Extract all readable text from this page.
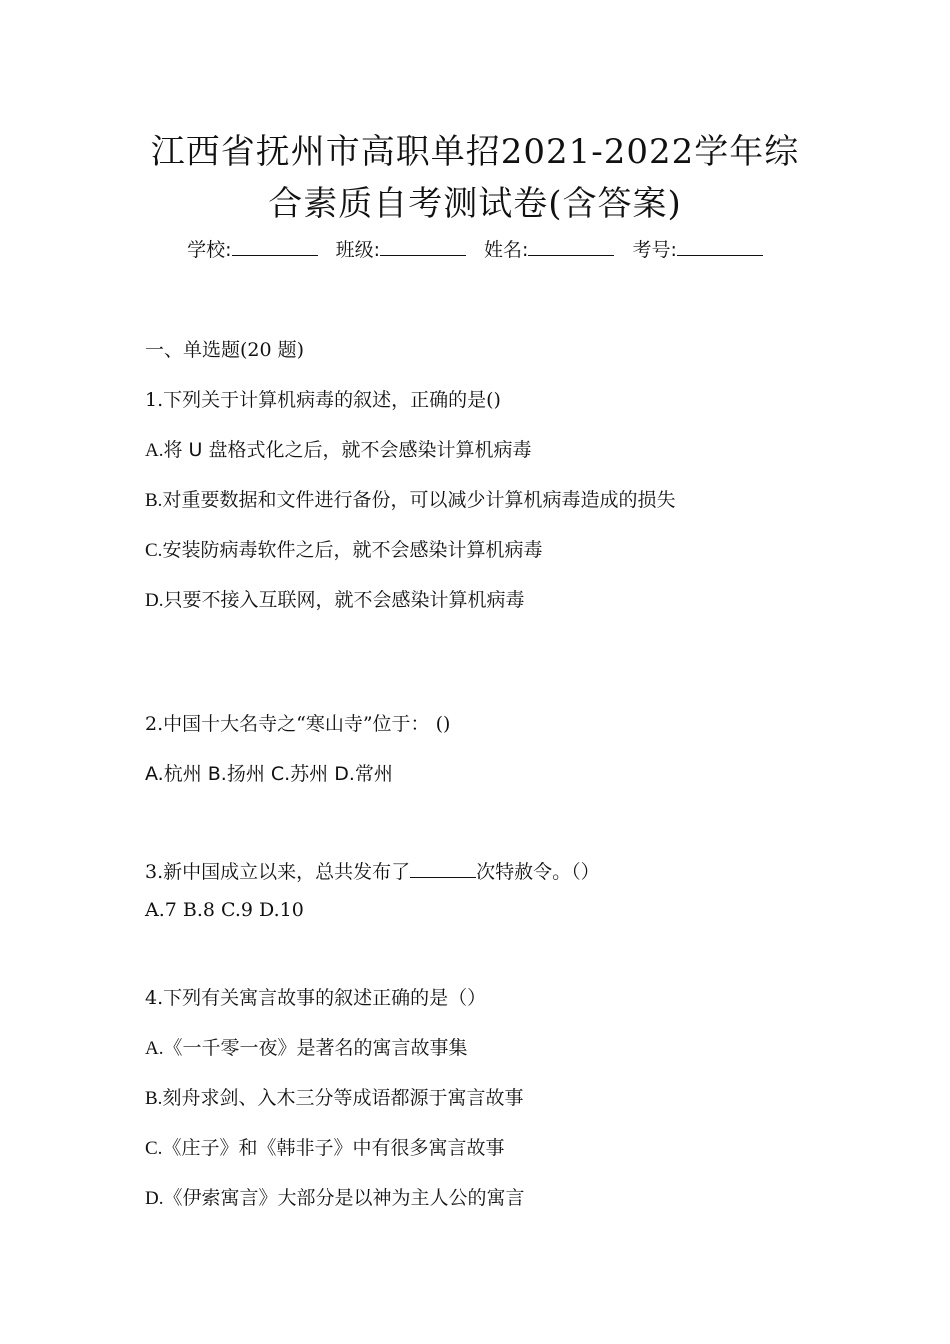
江西省抚州市高职单招2021-2022学年综
合素质自考测试卷(含答案)
学校:	班级:	姓名:	考号:
一、单选题(20 题)
1.下列关于计算机病毒的叙述，正确的是()
A.将 U 盘格式化之后，就不会感染计算机病毒
B.对重要数据和文件进行备份，可以减少计算机病毒造成的损失
C.安装防病毒软件之后，就不会感染计算机病毒
D.只要不接入互联网，就不会感染计算机病毒
2.中国十大名寺之“寒山寺”位于： ()
A.杭州 B.扬州 C.苏州 D.常州
3.新中国成立以来，总共发布了	次特赦令。（）
A.7 B.8 C.9 D.10
4.下列有关寓言故事的叙述正确的是（）
A.《一千零一夜》是著名的寓言故事集
B.刻舟求剑、入木三分等成语都源于寓言故事
C.《庄子》和《韩非子》中有很多寓言故事
D.《伊索寓言》大部分是以神为主人公的寓言
